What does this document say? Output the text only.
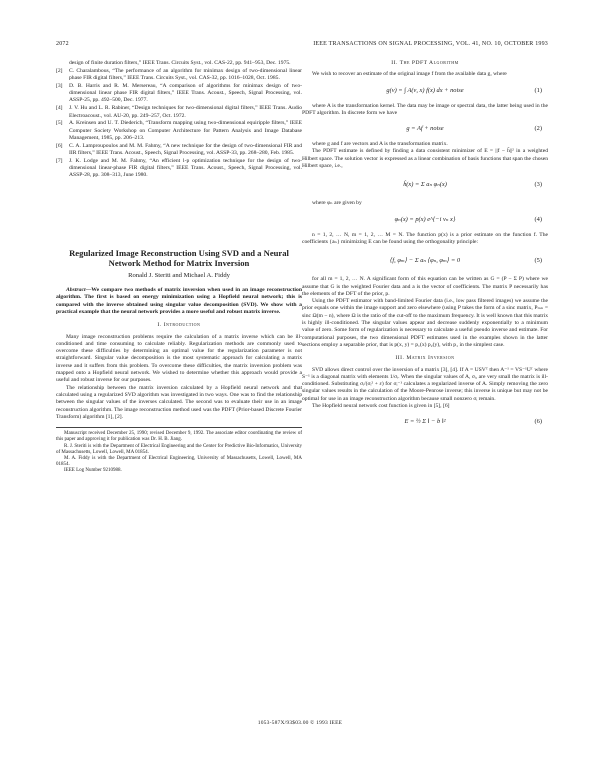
2072	IEEE TRANSACTIONS ON SIGNAL PROCESSING, VOL. 41, NO. 10, OCTOBER 1993
design of finite duration filters,” IEEE Trans. Circuits Syst., vol. CAS-22, pp. 941–953, Dec. 1975.
[2] C. Charalambous, “The performance of an algorithm for minimax design of two-dimensional linear phase FIR digital filters,” IEEE Trans. Circuits Syst., vol. CAS-32, pp. 1016–1028, Oct. 1985.
[3] D. B. Harris and R. M. Mersereau, “A comparison of algorithms for minimax design of two-dimensional linear phase FIR digital filters,” IEEE Trans. Acoust., Speech, Signal Processing, vol. ASSP-25, pp. 492–500, Dec. 1977.
[4] J. V. Hu and L. R. Rabiner, “Design techniques for two-dimensional digital filters,” IEEE Trans. Audio Electroacoust., vol. AU-20, pp. 249–257, Oct. 1972.
[5] A. Kreinsen and U. T. Diederich, “Transform mapping using two-dimensional equiripple filters,” IEEE Computer Society Workshop on Computer Architecture for Pattern Analysis and Image Database Management, 1985, pp. 206–213.
[6] C. A. Lamproupoulos and M. M. Fahmy, “A new technique for the design of two-dimensional FIR and IIR filters,” IEEE Trans. Acoust., Speech, Signal Processing, vol. ASSP-33, pp. 268–280, Feb. 1985.
[7] J. K. Lodge and M. M. Fahmy, “An efficient l-p optimization technique for the design of two-dimensional linear-phase FIR digital filters,” IEEE Trans. Acoust., Speech, Signal Processing, vol. ASSP-28, pp. 308–313, June 1980.
Regularized Image Reconstruction Using SVD and a Neural Network Method for Matrix Inversion
Ronald J. Steriti and Michael A. Fiddy
Abstract—We compare two methods of matrix inversion when used in an image reconstruction algorithm. The first is based on energy minimization using a Hopfield neural network; this is compared with the inverse obtained using singular value decomposition (SVD). We show with a practical example that the neural network provides a more useful and robust matrix inverse.
I. Introduction

Many image reconstruction problems require the calculation of a matrix inverse which can be ill-conditioned and time consuming to calculate reliably. Regularization methods are commonly used to overcome these difficulties by determining an optimal value for the regularization parameter is not straightforward. Singular value decomposition is the most systematic approach for calculating a matrix inverse and it suffers from this problem. To overcome these difficulties, the matrix inversion problem was mapped onto a Hopfield neural network. We wished to determine whether this approach would provide a useful and robust inverse for our purposes.

The relationship between the matrix inversion calculated by a Hopfield neural network and that calculated using a regularized SVD algorithm was investigated in two ways. One was to find the relationship between the singular values of the inverses calculated. The second was to evaluate their use in an image reconstruction algorithm. The image reconstruction method used was the PDFT (Prior-based Discrete Fourier Transform) algorithm [1], [2].

Manuscript received December 25, 1990; revised December 9, 1992. The associate editor coordinating the review of this paper and approving it for publication was Dr. H. B. Jiang.

R. J. Steriti is with the Department of Electrical Engineering and the Center for Predictive Bio-Informatics, University of Massachusetts, Lowell, Lowell, MA 01854.

M. A. Fiddy is with the Department of Electrical Engineering, University of Massachusetts, Lowell, Lowell, MA 01854.

IEEE Log Number 9210988.

II. The PDFT Algorithm

We wish to recover an estimate of the original image f from the available data g, where

g(ν) = ∫ A(ν, x) f(x) dx + noise	(1)

where A is the transformation kernel. The data may be image or spectral data, the latter being used in the PDFT algorithm. In discrete form we have

g = Af + noise	(2)

where g and f are vectors and A is the transformation matrix.

The PDFT estimate is defined by finding a data consistent minimizer of E = ||f − ĥ||² in a weighted Hilbert space. The solution vector is expressed as a linear combination of basis functions that span the chosen Hilbert space, i.e.,

ĥ(x) = Σ aₙ φₙ(x)	(3)

where φₙ are given by

φₙ(x) = p(x) e^{−i νₙ x}	(4)

n = 1, 2, … N, m = 1, 2, … M = N. The function p(x) is a prior estimate on the function f. The coefficients {aₙ} minimizing E can be found using the orthogonality principle:

⟨f, φₘ⟩ − Σ aₙ ⟨φₙ, φₘ⟩ = 0	(5)

for all m = 1, 2, … N. A significant form of this equation can be written as G = (P − Σ P) where we assume that G is the weighted Fourier data and a is the vector of coefficients. The matrix P necessarily has the elements of the DFT of the prior, p.

Using the PDFT estimator with band-limited Fourier data (i.e., low pass filtered images) we assume the prior equals one within the image support and zero elsewhere (using P takes the form of a sinc matrix, Pₘₙ = sinc Ω(m − n), where Ω is the ratio of the cut-off to the maximum frequency. It is well known that this matrix is highly ill-conditioned. The singular values appear and decrease suddenly exponentially to a minimum value of zero. Some form of regularization is necessary to calculate a useful pseudo inverse and estimate. For computational purposes, the two dimensional PDFT estimates used in the examples shown in the latter sections employ a separable prior, that is p(x, y) = p₁(x) p₂(y), with p₁ in the simplest case.

III. Matrix Inversion

SVD allows direct control over the inversion of a matrix [3], [4]. If A = USVᵀ then A⁻¹ = VS⁻¹Uᵀ where S⁻¹ is a diagonal matrix with elements 1/σᵢ. When the singular values of A, σᵢ, are very small the matrix is ill-conditioned. Substituting σᵢ/(σᵢ² + ε) for σᵢ⁻¹ calculates a regularized inverse of A. Simply removing the zero singular values results in the calculation of the Moore-Penrose inverse; this inverse is unique but may not be optimal for use in an image reconstruction algorithm because small nonzero σᵢ remain.

The Hopfield neural network cost function is given in [5], [6]

E = ½ Σ ‖ − b ‖²	(6)
1053-587X/93$03.00 © 1993 IEEE
